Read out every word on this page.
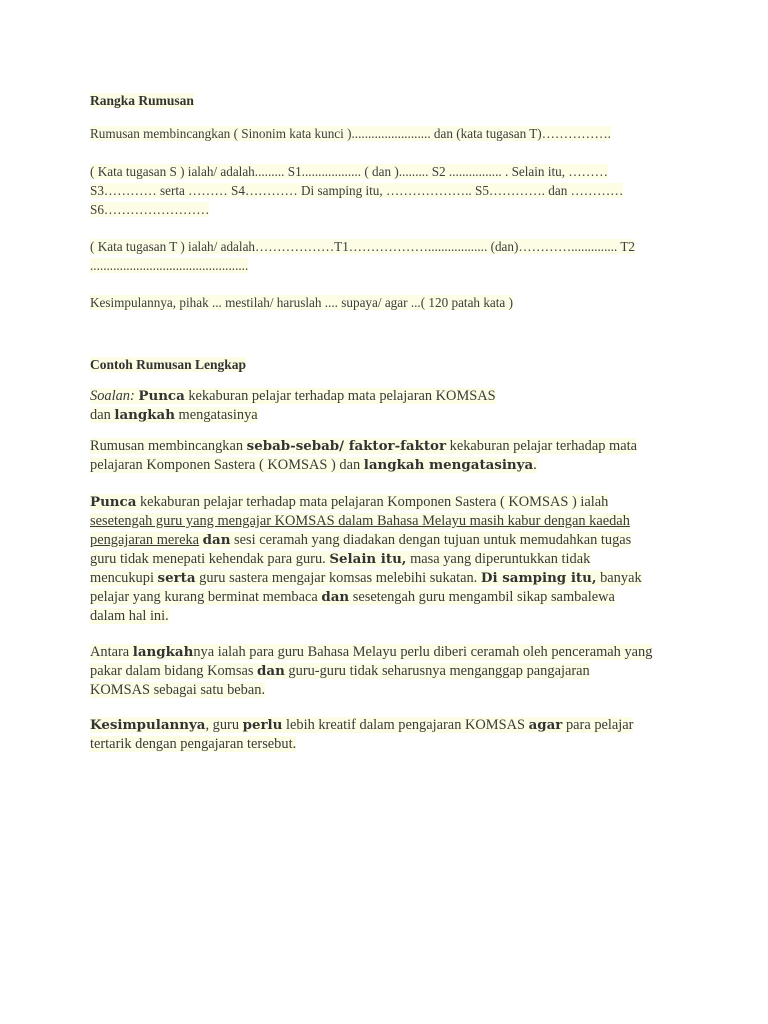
Rangka Rumusan
Rumusan membincangkan ( Sinonim kata kunci )........................ dan (kata tugasan T)…………….
( Kata tugasan S ) ialah/ adalah......... S1.................. ( dan )......... S2 ................ . Selain itu, ………
S3………… serta ……… S4………… Di samping itu, ……………….. S5…………. dan …………
S6……………………
( Kata tugasan T ) ialah/ adalah………………T1……………….................. (dan)………….............. T2
................................................
Kesimpulannya, pihak ... mestilah/ haruslah .... supaya/ agar ...( 120 patah kata )
Contoh Rumusan Lengkap
Soalan: Punca kekaburan pelajar terhadap mata pelajaran KOMSAS
dan langkah mengatasinya
Rumusan membincangkan sebab-sebab/ faktor-faktor kekaburan pelajar terhadap mata
pelajaran Komponen Sastera ( KOMSAS ) dan langkah mengatasinya.
Punca kekaburan pelajar terhadap mata pelajaran Komponen Sastera ( KOMSAS ) ialah
sesetengah guru yang mengajar KOMSAS dalam Bahasa Melayu masih kabur dengan kaedah
pengajaran mereka dan sesi ceramah yang diadakan dengan tujuan untuk memudahkan tugas
guru tidak menepati kehendak para guru. Selain itu, masa yang diperuntukkan tidak
mencukupi serta guru sastera mengajar komsas melebihi sukatan. Di samping itu, banyak
pelajar yang kurang berminat membaca dan sesetengah guru mengambil sikap sambalewa
dalam hal ini.
Antara langkahnya ialah para guru Bahasa Melayu perlu diberi ceramah oleh penceramah yang
pakar dalam bidang Komsas dan guru-guru tidak seharusnya menganggap pangajaran
KOMSAS sebagai satu beban.
Kesimpulannya, guru perlu lebih kreatif dalam pengajaran KOMSAS agar para pelajar
tertarik dengan pengajaran tersebut.
